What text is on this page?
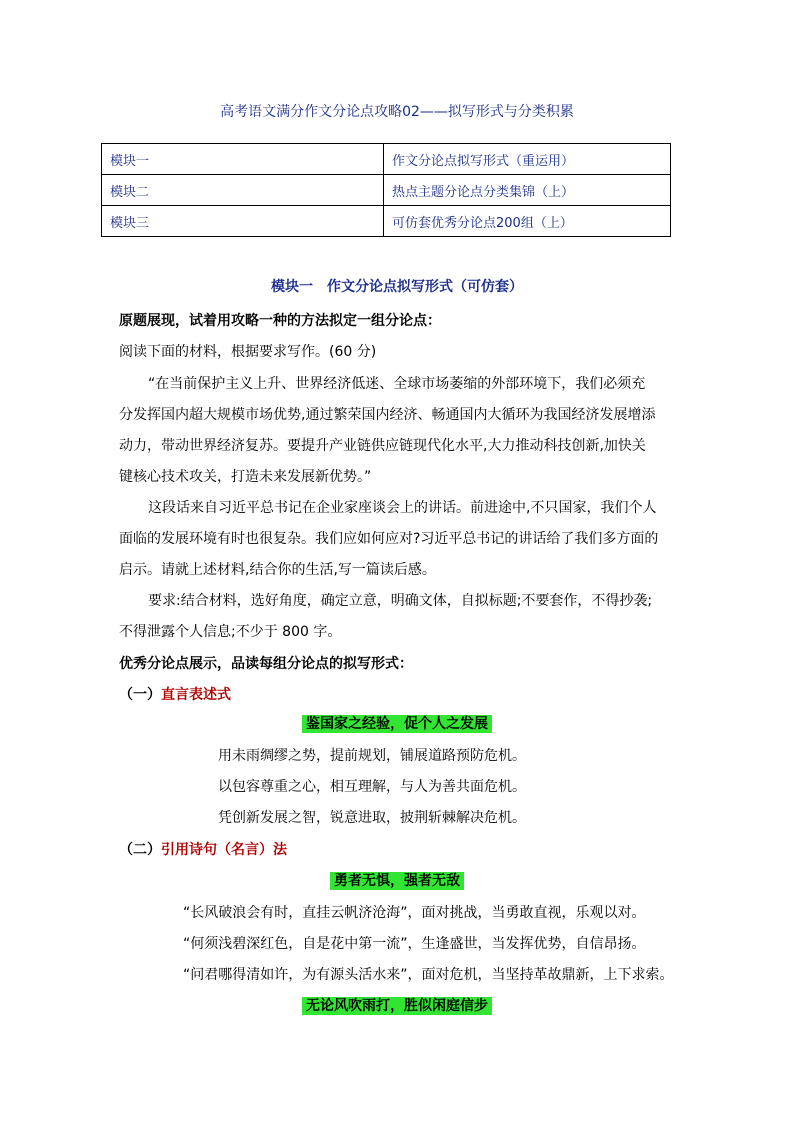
高考语文满分作文分论点攻略02——拟写形式与分类积累
模块一	作文分论点拟写形式（重运用）
模块二	热点主题分论点分类集锦（上）
模块三	可仿套优秀分论点200组（上）
模块一　作文分论点拟写形式（可仿套）
原题展现，试着用攻略一种的方法拟定一组分论点：
阅读下面的材料，根据要求写作。(60 分)
“在当前保护主义上升、世界经济低迷、全球市场萎缩的外部环境下，我们必须充
分发挥国内超大规模市场优势,通过繁荣国内经济、畅通国内大循环为我国经济发展增添
动力，带动世界经济复苏。要提升产业链供应链现代化水平,大力推动科技创新,加快关
键核心技术攻关，打造未来发展新优势。”
这段话来自习近平总书记在企业家座谈会上的讲话。前进途中,不只国家，我们个人
面临的发展环境有时也很复杂。我们应如何应对?习近平总书记的讲话给了我们多方面的
启示。请就上述材料,结合你的生活,写一篇读后感。
要求:结合材料，选好角度，确定立意，明确文体，自拟标题;不要套作，不得抄袭;
不得泄露个人信息;不少于 800 字。
优秀分论点展示，品读每组分论点的拟写形式：
（一）直言表述式
鉴国家之经验，促个人之发展
用未雨绸缪之势，提前规划，铺展道路预防危机。
以包容尊重之心，相互理解，与人为善共面危机。
凭创新发展之智，锐意进取，披荆斩棘解决危机。
（二）引用诗句（名言）法
勇者无惧，强者无敌
“长风破浪会有时，直挂云帆济沧海”，面对挑战，当勇敢直视，乐观以对。
“何须浅碧深红色，自是花中第一流”，生逢盛世，当发挥优势，自信昂扬。
“问君哪得清如许，为有源头活水来”，面对危机，当坚持革故鼎新，上下求索。
无论风吹雨打，胜似闲庭信步
